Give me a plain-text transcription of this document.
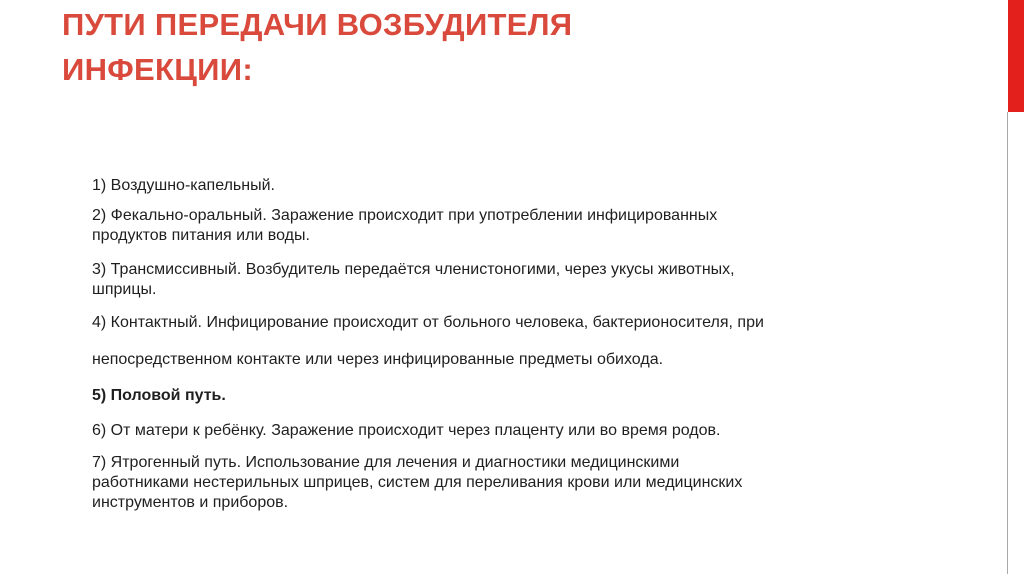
ПУТИ ПЕРЕДАЧИ ВОЗБУДИТЕЛЯ
ИНФЕКЦИИ:

1) Воздушно-капельный.

2) Фекально-оральный. Заражение происходит при употреблении инфицированных
продуктов питания или воды.

3) Трансмиссивный. Возбудитель передаётся членистоногими, через укусы животных,
шприцы.

4) Контактный. Инфицирование происходит от больного человека, бактерионосителя, при

непосредственном контакте или через инфицированные предметы обихода.

5) Половой путь.

6) От матери к ребёнку. Заражение происходит через плаценту или во время родов.

7) Ятрогенный путь. Использование для лечения и диагностики медицинскими
работниками нестерильных шприцев, систем для переливания крови или медицинских
инструментов и приборов.
